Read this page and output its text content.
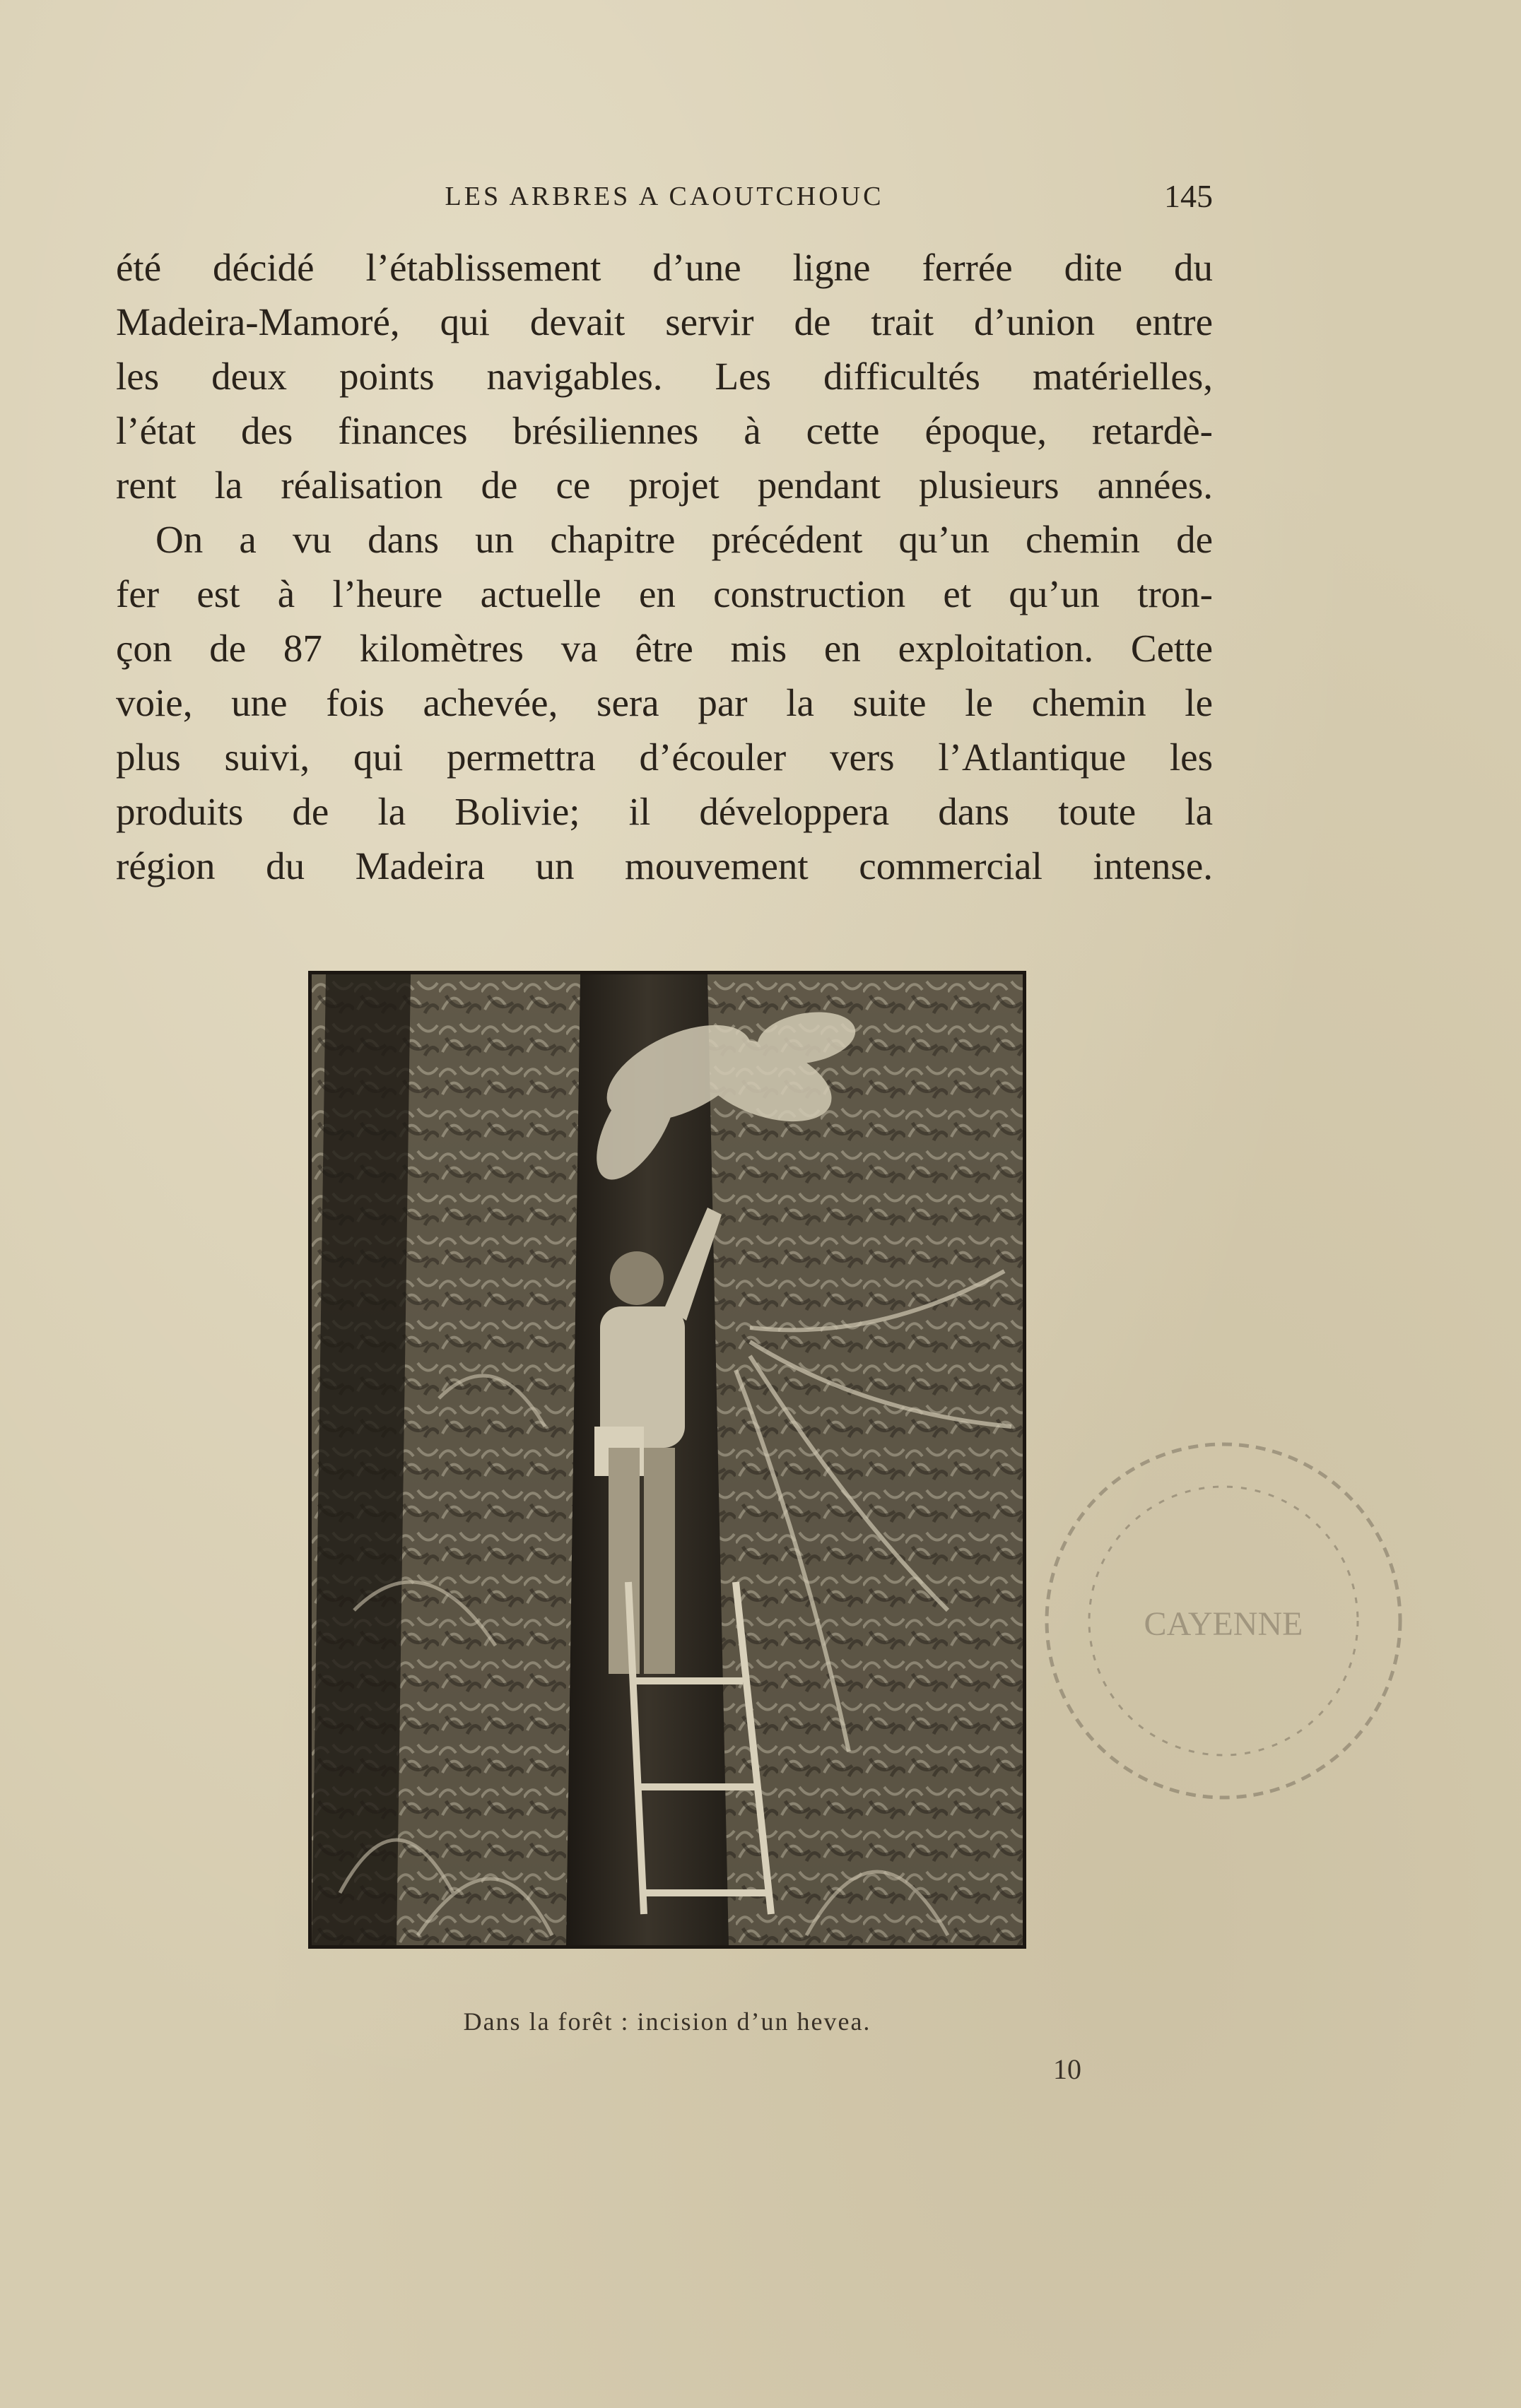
LES ARBRES A CAOUTCHOUC	145
été décidé l’établissement d’une ligne ferrée dite du
Madeira-Mamoré, qui devait servir de trait d’union entre
les deux points navigables. Les difficultés matérielles,
l’état des finances brésiliennes à cette époque, retardè-
rent la réalisation de ce projet pendant plusieurs années.
On a vu dans un chapitre précédent qu’un chemin de
fer est à l’heure actuelle en construction et qu’un tron-
çon de 87 kilomètres va être mis en exploitation. Cette
voie, une fois achevée, sera par la suite le chemin le
plus suivi, qui permettra d’écouler vers l’Atlantique les
produits de la Bolivie; il développera dans toute la
région du Madeira un mouvement commercial intense.
Dans la forêt : incision d’un hevea.
10
CAYENNE
